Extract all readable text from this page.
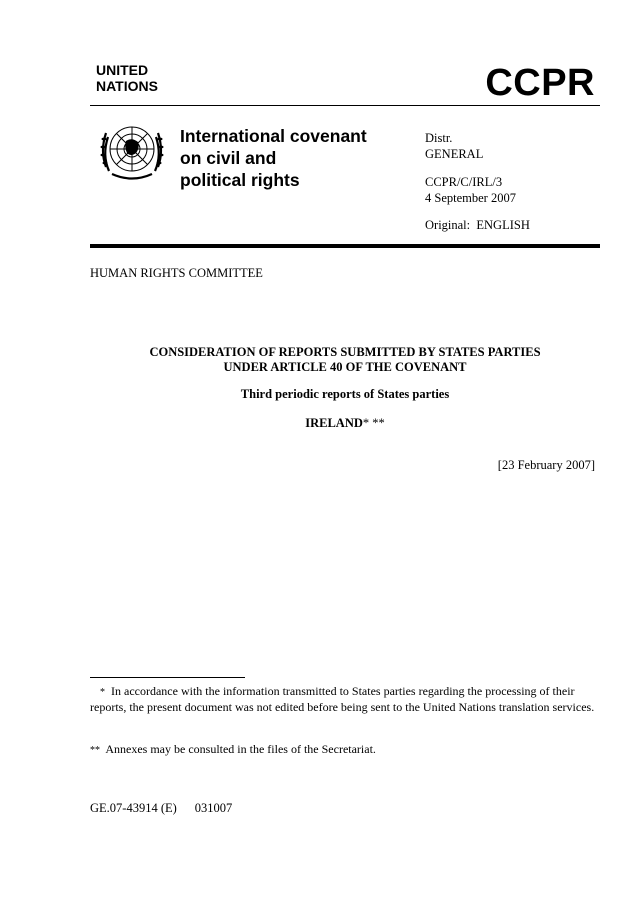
UNITED
NATIONS	CCPR
International covenant
on civil and
political rights
Distr.
GENERAL
CCPR/C/IRL/3
4 September 2007
Original: ENGLISH
HUMAN RIGHTS COMMITTEE
CONSIDERATION OF REPORTS SUBMITTED BY STATES PARTIES
UNDER ARTICLE 40 OF THE COVENANT
Third periodic reports of States parties
IRELAND* **
[23 February 2007]
* In accordance with the information transmitted to States parties regarding the processing of their reports, the present document was not edited before being sent to the United Nations translation services.
** Annexes may be consulted in the files of the Secretariat.
GE.07-43914 (E) 031007
